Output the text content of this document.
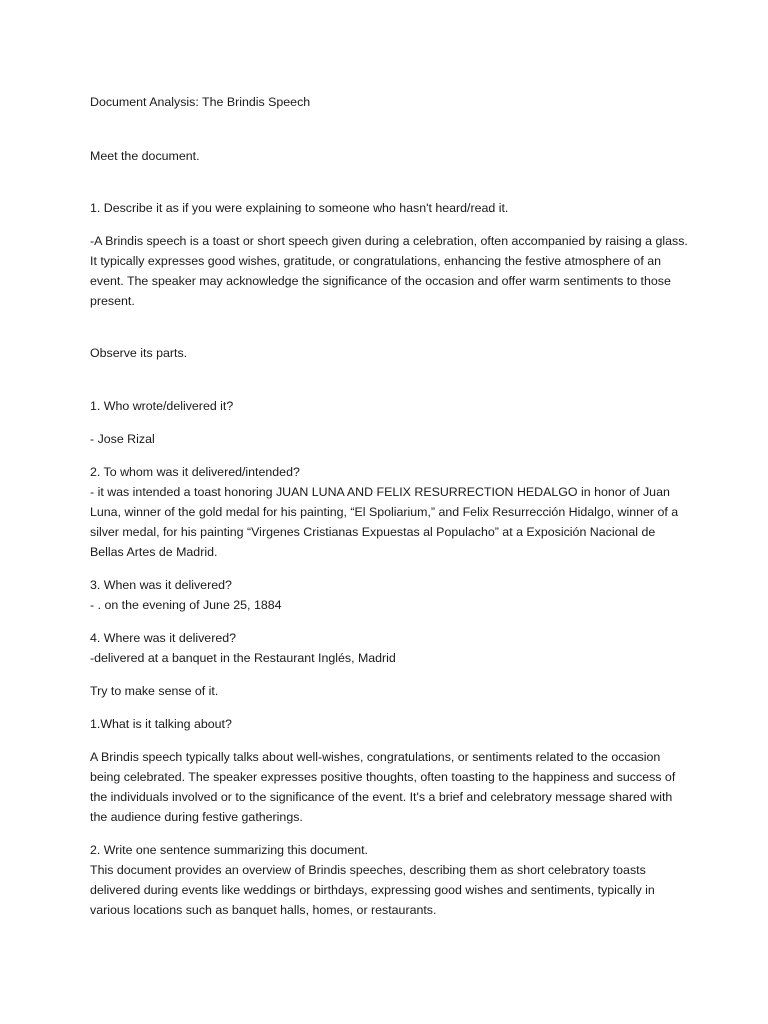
Document Analysis: The Brindis Speech

Meet the document.

1. Describe it as if you were explaining to someone who hasn't heard/read it.

-A Brindis speech is a toast or short speech given during a celebration, often accompanied by raising a glass. It typically expresses good wishes, gratitude, or congratulations, enhancing the festive atmosphere of an event. The speaker may acknowledge the significance of the occasion and offer warm sentiments to those present.

Observe its parts.

1. Who wrote/delivered it?

- Jose Rizal

2. To whom was it delivered/intended?

- it was intended a toast honoring JUAN LUNA AND FELIX RESURRECTION HEDALGO in honor of Juan Luna, winner of the gold medal for his painting, “El Spoliarium,” and Felix Resurrección Hidalgo, winner of a silver medal, for his painting “Virgenes Cristianas Expuestas al Populacho” at a Exposición Nacional de Bellas Artes de Madrid.

3. When was it delivered?

- . on the evening of June 25, 1884

4. Where was it delivered?

-delivered at a banquet in the Restaurant Inglés, Madrid

Try to make sense of it.

1.What is it talking about?

A Brindis speech typically talks about well-wishes, congratulations, or sentiments related to the occasion being celebrated. The speaker expresses positive thoughts, often toasting to the happiness and success of the individuals involved or to the significance of the event. It's a brief and celebratory message shared with the audience during festive gatherings.

2. Write one sentence summarizing this document.

This document provides an overview of Brindis speeches, describing them as short celebratory toasts delivered during events like weddings or birthdays, expressing good wishes and sentiments, typically in various locations such as banquet halls, homes, or restaurants.
